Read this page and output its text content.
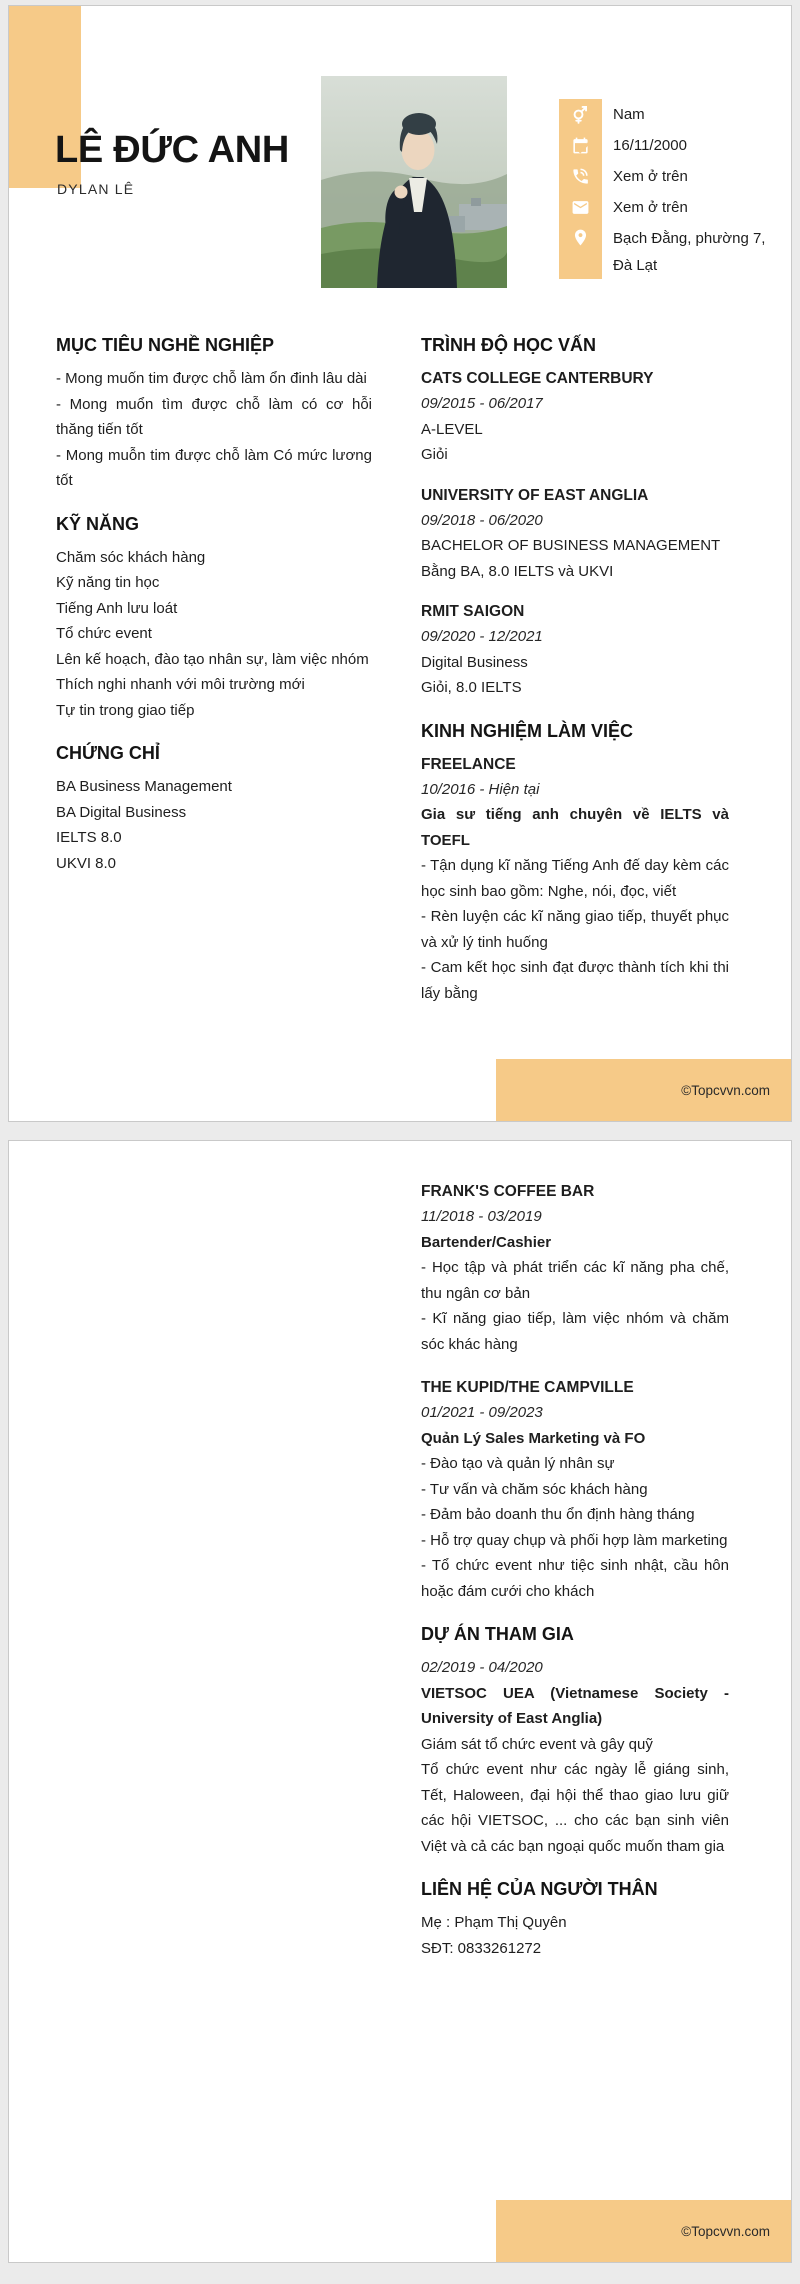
LÊ ĐỨC ANH
DYLAN LÊ
Nam
16/11/2000
Xem ở trên
Xem ở trên
Bạch Đằng, phường 7, Đà Lạt
MỤC TIÊU NGHỀ NGHIỆP

- Mong muốn tim được chỗ làm ổn đinh lâu dài

- Mong muổn tìm được chỗ làm có cơ hỗi thăng tiến tốt

- Mong muỗn tim được chỗ làm Có mức lương tốt

KỸ NĂNG

Chăm sóc khách hàng

Kỹ năng tin học

Tiếng Anh lưu loát

Tổ chức event

Lên kế hoạch, đào tạo nhân sự, làm việc nhóm

Thích nghi nhanh với môi trường mới

Tự tin trong giao tiếp

CHỨNG CHỈ

BA Business Management

BA Digital Business

IELTS 8.0

UKVI 8.0

TRÌNH ĐỘ HỌC VẤN
CATS COLLEGE CANTERBURY
09/2015 - 06/2017

A-LEVEL

Giỏi

UNIVERSITY OF EAST ANGLIA
09/2018 - 06/2020

BACHELOR OF BUSINESS MANAGEMENT

Bằng BA, 8.0 IELTS và UKVI

RMIT SAIGON
09/2020 - 12/2021

Digital Business

Giỏi, 8.0 IELTS

KINH NGHIỆM LÀM VIỆC
FREELANCE
10/2016 - Hiện tại
Gia sư tiếng anh chuyên về IELTS và TOEFL

- Tận dụng kĩ năng Tiếng Anh đế day kèm các học sinh bao gồm: Nghe, nói, đọc, viết

- Rèn luyện các kĩ năng giao tiếp, thuyết phục và xử lý tinh huống

- Cam kết học sinh đạt được thành tích khi thi lấy bằng

©Topcvvn.com
FRANK'S COFFEE BAR
11/2018 - 03/2019
Bartender/Cashier

- Học tập và phát triển các kĩ năng pha chế, thu ngân cơ bản

- Kĩ năng giao tiếp, làm việc nhóm và chăm sóc khác hàng

THE KUPID/THE CAMPVILLE
01/2021 - 09/2023
Quản Lý Sales Marketing và FO

- Đào tạo và quản lý nhân sự

- Tư vấn và chăm sóc khách hàng

- Đảm bảo doanh thu ổn định hàng tháng

- Hỗ trợ quay chụp và phối hợp làm marketing

- Tổ chức event như tiệc sinh nhật, cầu hôn hoặc đám cưới cho khách

DỰ ÁN THAM GIA
02/2019 - 04/2020
VIETSOC UEA (Vietnamese Society - University of East Anglia)

Giám sát tổ chức event và gây quỹ

Tổ chức event như các ngày lễ giáng sinh, Tết, Haloween, đại hội thể thao giao lưu giữ các hội VIETSOC, ... cho các bạn sinh viên Việt và cả các bạn ngoại quốc muốn tham gia

LIÊN HỆ CỦA NGƯỜI THÂN

Mẹ : Phạm Thị Quyên

SĐT: 0833261272

©Topcvvn.com
